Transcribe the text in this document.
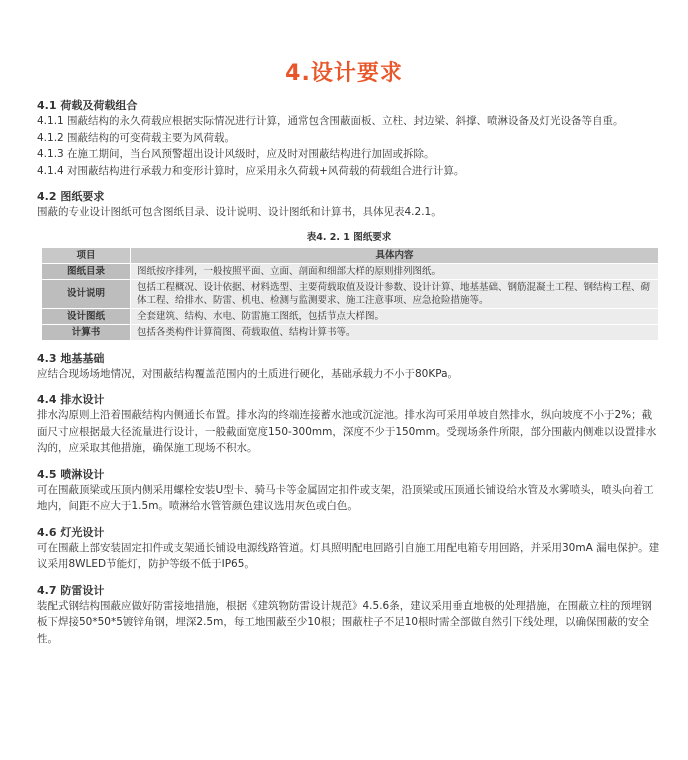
4.设计要求
4.1 荷载及荷载组合
4.1.1 围蔽结构的永久荷载应根据实际情况进行计算，通常包含围蔽面板、立柱、封边梁、斜撑、喷淋设备及灯光设备等自重。
4.1.2 围蔽结构的可变荷载主要为风荷载。
4.1.3 在施工期间，当台风预警超出设计风级时，应及时对围蔽结构进行加固或拆除。
4.1.4 对围蔽结构进行承载力和变形计算时，应采用永久荷载+风荷载的荷载组合进行计算。
4.2 图纸要求
围蔽的专业设计图纸可包含图纸目录、设计说明、设计图纸和计算书，具体见表4.2.1。
表4. 2. 1 图纸要求
项目	具体内容
图纸目录	图纸按序排列，一般按照平面、立面、剖面和细部大样的原则排列图纸。
设计说明	包括工程概况、设计依据、材料选型、主要荷载取值及设计参数、设计计算、地基基础、钢筋混凝土工程、钢结构工程、砌体工程、给排水、防雷、机电、检测与监测要求、施工注意事项、应急抢险措施等。
设计图纸	全套建筑、结构、水电、防雷施工图纸，包括节点大样图。
计算书	包括各类构件计算简图、荷载取值、结构计算书等。
4.3 地基基础
应结合现场场地情况，对围蔽结构覆盖范围内的土质进行硬化，基础承载力不小于80KPa。
4.4 排水设计
排水沟原则上沿着围蔽结构内侧通长布置。排水沟的终端连接蓄水池或沉淀池。排水沟可采用单坡自然排水，纵向坡度不小于2%；截面尺寸应根据最大径流量进行设计，一般截面宽度150-300mm，深度不少于150mm。受现场条件所限，部分围蔽内侧难以设置排水沟的，应采取其他措施，确保施工现场不积水。
4.5 喷淋设计
可在围蔽顶梁或压顶内侧采用螺栓安装U型卡、骑马卡等金属固定扣件或支架，沿顶梁或压顶通长铺设给水管及水雾喷头，喷头向着工地内，间距不应大于1.5m。喷淋给水管管颜色建议选用灰色或白色。
4.6 灯光设计
可在围蔽上部安装固定扣件或支架通长铺设电源线路管道。灯具照明配电回路引自施工用配电箱专用回路，并采用30mA 漏电保护。建议采用8WLED节能灯，防护等级不低于IP65。
4.7 防雷设计
装配式钢结构围蔽应做好防雷接地措施，根据《建筑物防雷设计规范》4.5.6条，建议采用垂直地极的处理措施，在围蔽立柱的预埋钢板下焊接50*50*5镀锌角钢，埋深2.5m，每工地围蔽至少10根；围蔽柱子不足10根时需全部做自然引下线处理，以确保围蔽的安全性。
